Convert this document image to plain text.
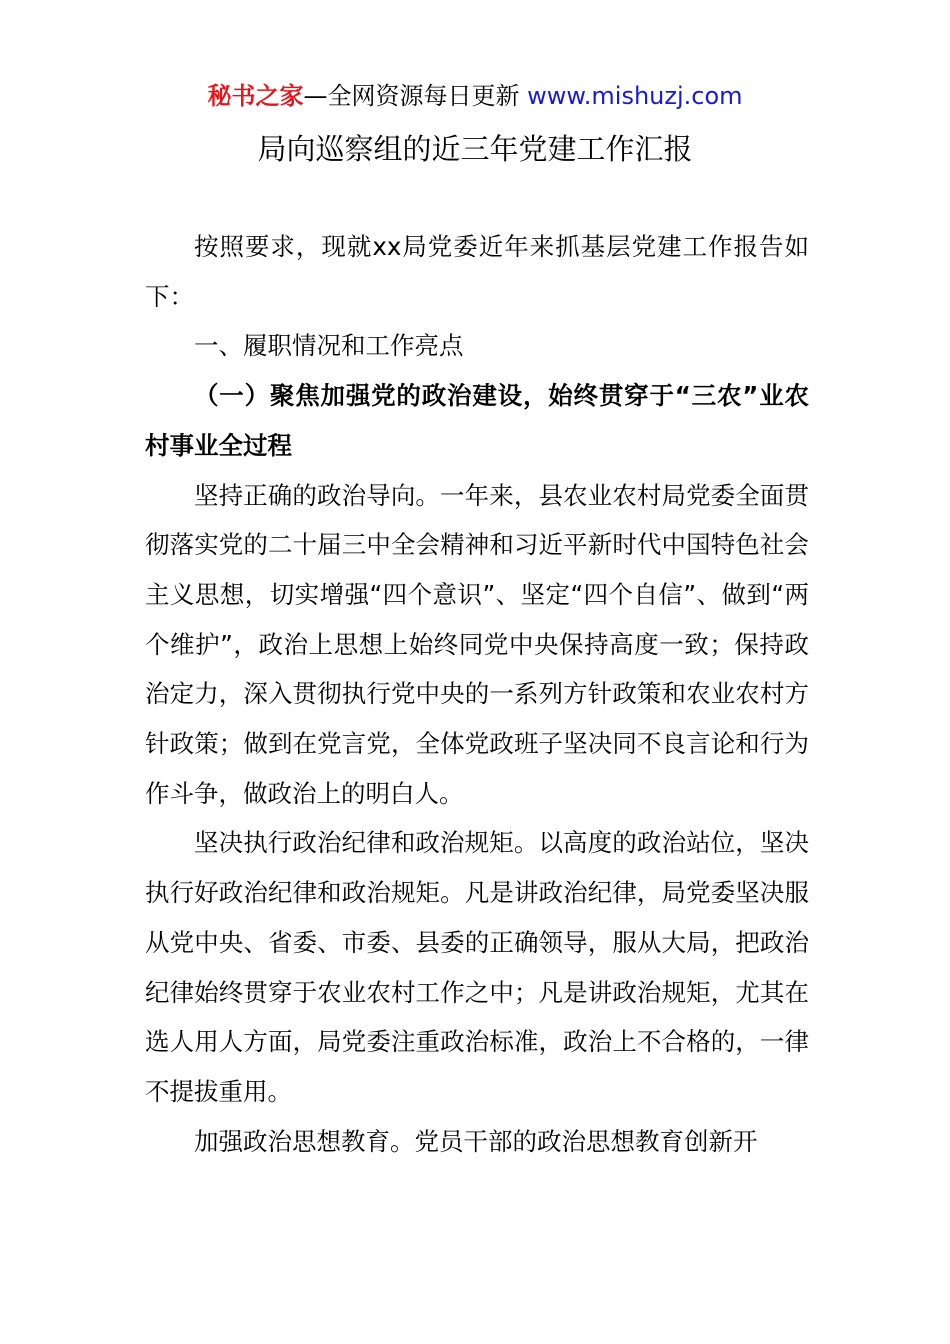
秘书之家—全网资源每日更新 www.mishuzj.com
局向巡察组的近三年党建工作汇报

按照要求，现就xx局党委近年来抓基层党建工作报告如下：

一、履职情况和工作亮点

（一）聚焦加强党的政治建设，始终贯穿于“三农”业农村事业全过程

坚持正确的政治导向。一年来，县农业农村局党委全面贯彻落实党的二十届三中全会精神和习近平新时代中国特色社会主义思想，切实增强“四个意识”、坚定“四个自信”、做到“两个维护”，政治上思想上始终同党中央保持高度一致；保持政治定力，深入贯彻执行党中央的一系列方针政策和农业农村方针政策；做到在党言党，全体党政班子坚决同不良言论和行为作斗争，做政治上的明白人。

坚决执行政治纪律和政治规矩。以高度的政治站位，坚决执行好政治纪律和政治规矩。凡是讲政治纪律，局党委坚决服从党中央、省委、市委、县委的正确领导，服从大局，把政治纪律始终贯穿于农业农村工作之中；凡是讲政治规矩，尤其在选人用人方面，局党委注重政治标准，政治上不合格的，一律不提拔重用。

加强政治思想教育。党员干部的政治思想教育创新开
